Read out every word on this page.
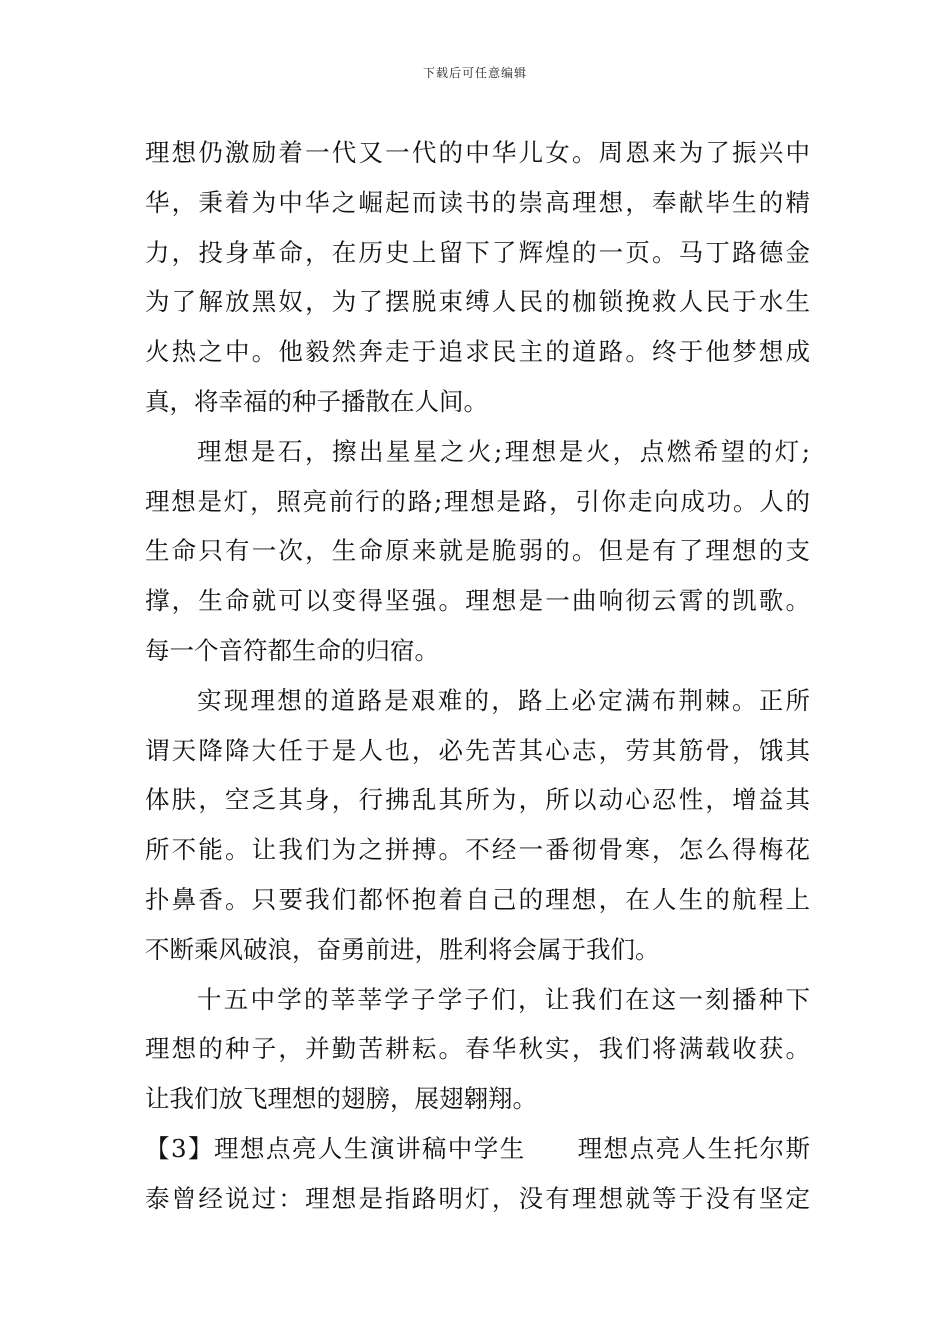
下载后可任意编辑
理想仍激励着一代又一代的中华儿女。周恩来为了振兴中
华，秉着为中华之崛起而读书的崇高理想，奉献毕生的精
力，投身革命，在历史上留下了辉煌的一页。马丁路德金
为了解放黑奴，为了摆脱束缚人民的枷锁挽救人民于水生
火热之中。他毅然奔走于追求民主的道路。终于他梦想成
真，将幸福的种子播散在人间。
理想是石，擦出星星之火;理想是火，点燃希望的灯;
理想是灯，照亮前行的路;理想是路，引你走向成功。人的
生命只有一次，生命原来就是脆弱的。但是有了理想的支
撑，生命就可以变得坚强。理想是一曲响彻云霄的凯歌。
每一个音符都生命的归宿。
实现理想的道路是艰难的，路上必定满布荆棘。正所
谓天降降大任于是人也，必先苦其心志，劳其筋骨，饿其
体肤，空乏其身，行拂乱其所为，所以动心忍性，增益其
所不能。让我们为之拼搏。不经一番彻骨寒，怎么得梅花
扑鼻香。只要我们都怀抱着自己的理想，在人生的航程上
不断乘风破浪，奋勇前进，胜利将会属于我们。
十五中学的莘莘学子学子们，让我们在这一刻播种下
理想的种子，并勤苦耕耘。春华秋实，我们将满载收获。
让我们放飞理想的翅膀，展翅翱翔。
【3】理想点亮人生演讲稿中学生　　理想点亮人生托尔斯
泰曾经说过：理想是指路明灯，没有理想就等于没有坚定
